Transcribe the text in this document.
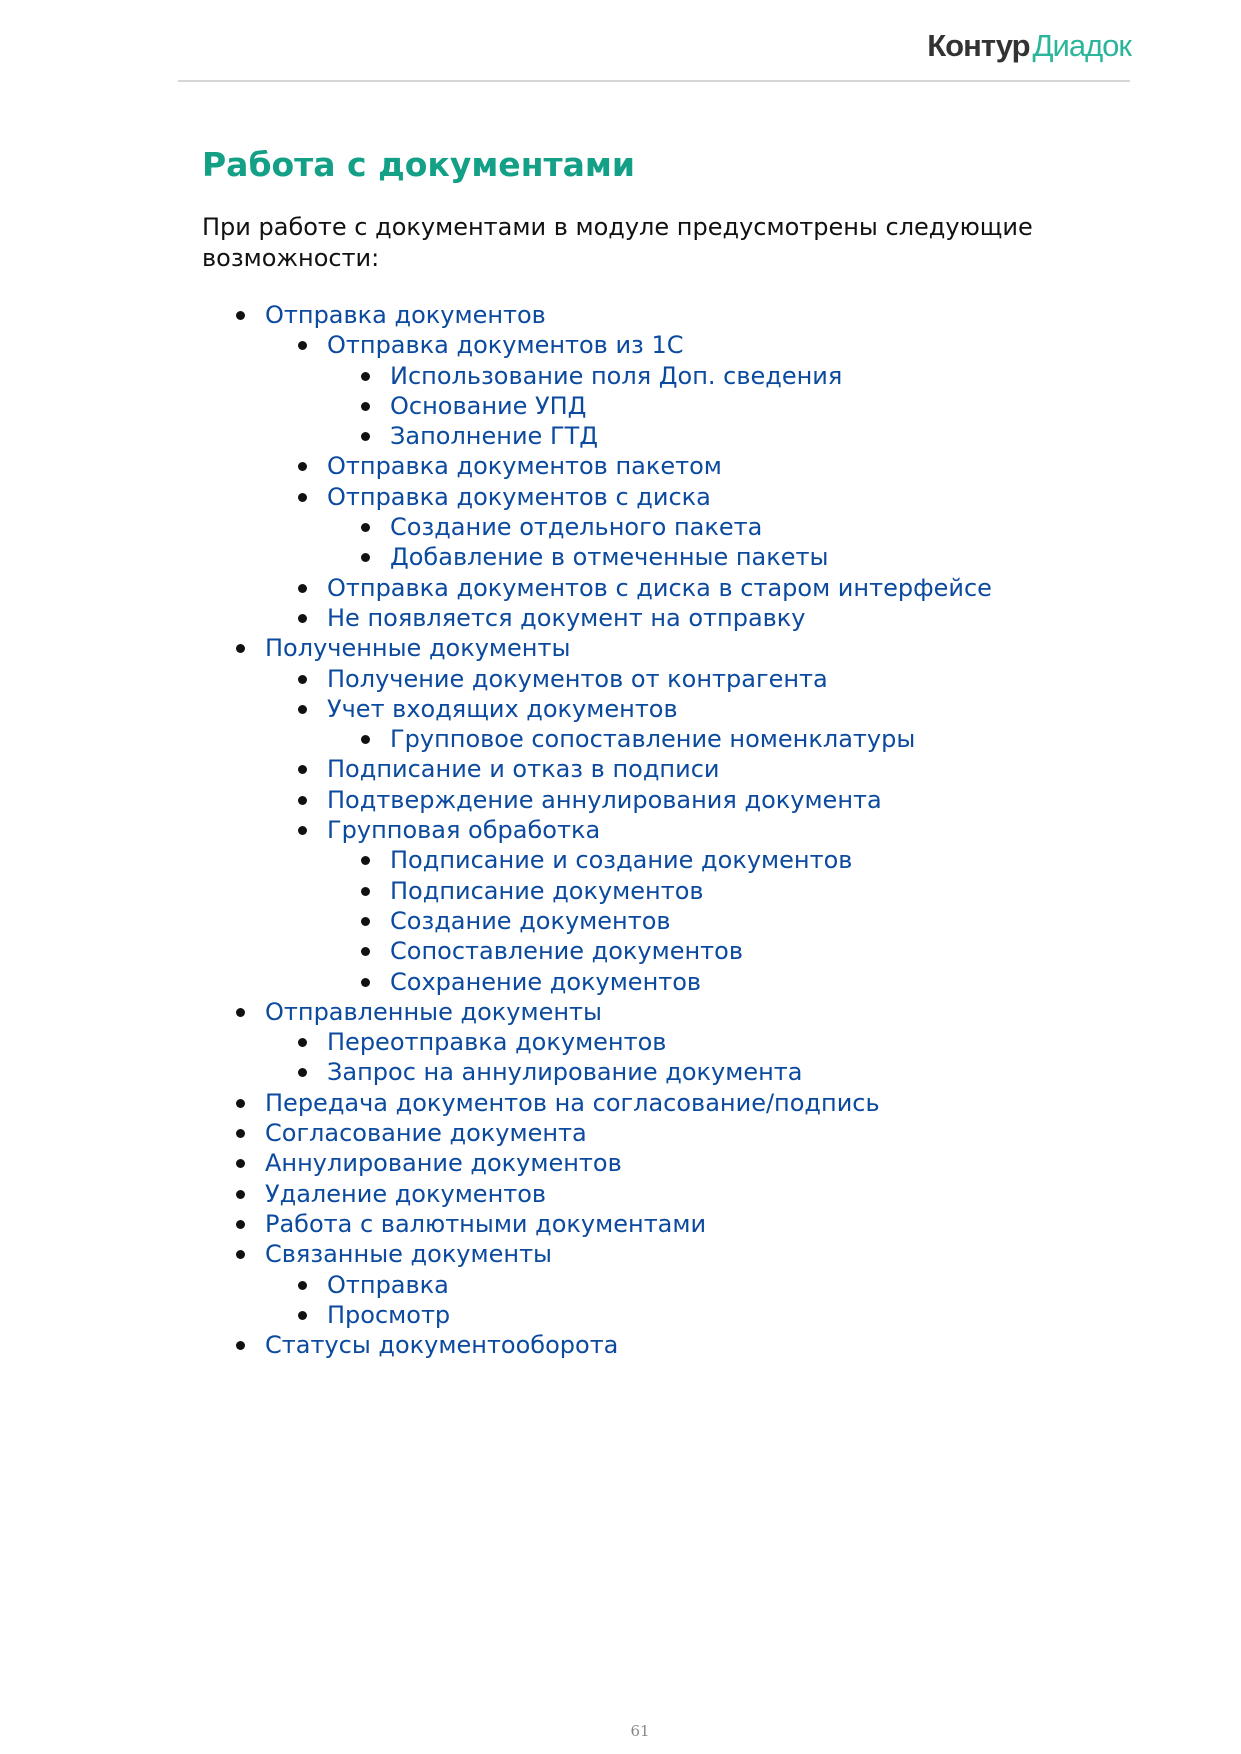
КонтурДиадок
Работа с документами

При работе с документами в модуле предусмотрены следующие возможности:

Отправка документов
Отправка документов из 1С
Использование поля Доп. сведения
Основание УПД
Заполнение ГТД
Отправка документов пакетом
Отправка документов с диска
Создание отдельного пакета
Добавление в отмеченные пакеты
Отправка документов с диска в старом интерфейсе
Не появляется документ на отправку
Полученные документы
Получение документов от контрагента
Учет входящих документов
Групповое сопоставление номенклатуры
Подписание и отказ в подписи
Подтверждение аннулирования документа
Групповая обработка
Подписание и создание документов
Подписание документов
Создание документов
Сопоставление документов
Сохранение документов
Отправленные документы
Переотправка документов
Запрос на аннулирование документа
Передача документов на согласование/подпись
Согласование документа
Аннулирование документов
Удаление документов
Работа с валютными документами
Связанные документы
Отправка
Просмотр
Статусы документооборота
61
